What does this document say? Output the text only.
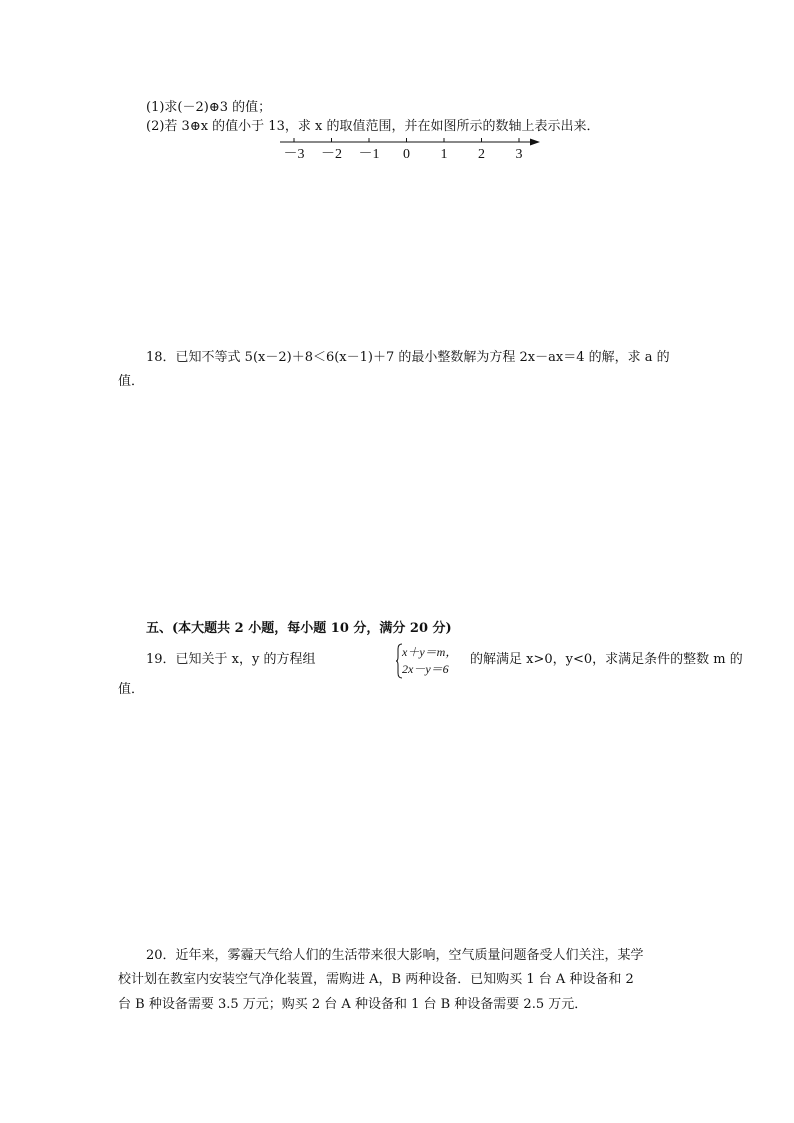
(1)求(－2)⊕3 的值；
(2)若 3⊕x 的值小于 13，求 x 的取值范围，并在如图所示的数轴上表示出来．
－3 －2 －1 0 1 2 3
18．已知不等式 5(x－2)＋8＜6(x－1)＋7 的最小整数解为方程 2x－ax＝4 的解，求 a 的
值．
五、(本大题共 2 小题，每小题 10 分，满分 20 分)
19．已知关于 x，y 的方程组	x＋y＝m，
2x－y＝6
的解满足 x>0，y<0，求满足条件的整数 m 的
值．
20．近年来，雾霾天气给人们的生活带来很大影响，空气质量问题备受人们关注，某学
校计划在教室内安装空气净化装置，需购进 A，B 两种设备．已知购买 1 台 A 种设备和 2
台 B 种设备需要 3.5 万元；购买 2 台 A 种设备和 1 台 B 种设备需要 2.5 万元．
